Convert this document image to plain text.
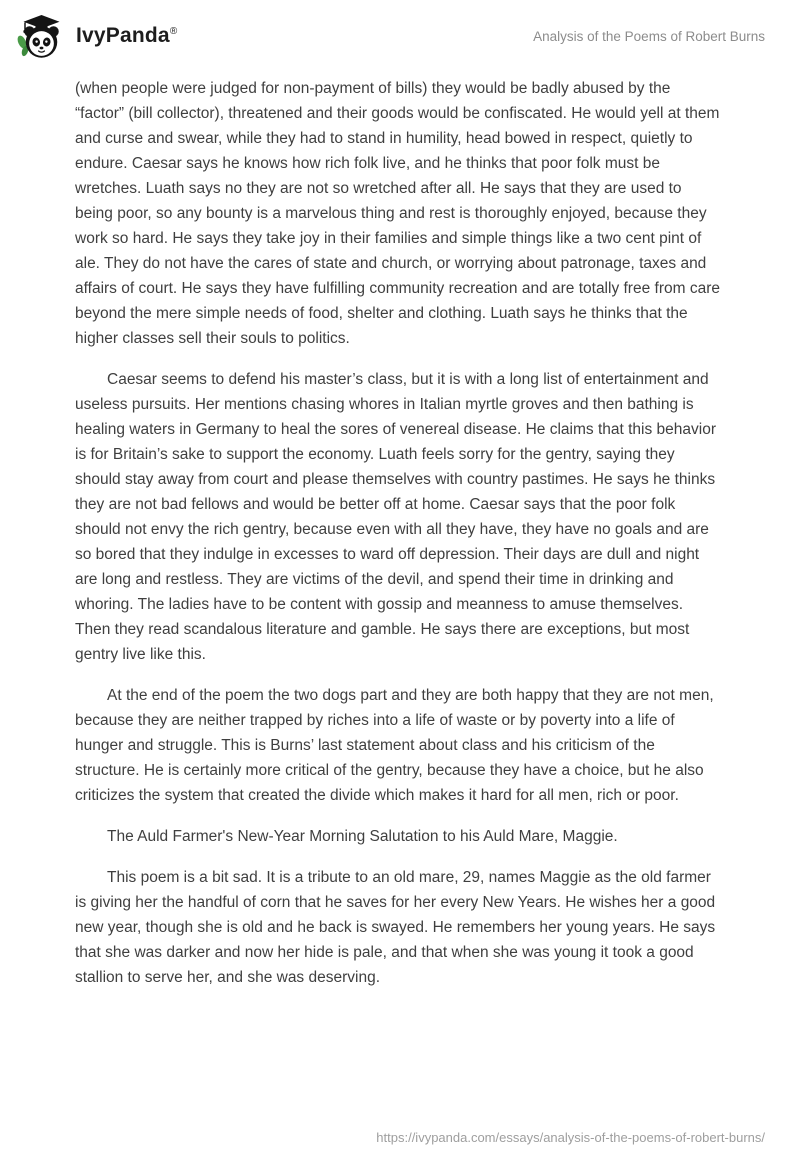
IvyPanda®	Analysis of the Poems of Robert Burns

(when people were judged for non-payment of bills) they would be badly abused by the “factor” (bill collector), threatened and their goods would be confiscated. He would yell at them and curse and swear, while they had to stand in humility, head bowed in respect, quietly to endure. Caesar says he knows how rich folk live, and he thinks that poor folk must be wretches. Luath says no they are not so wretched after all. He says that they are used to being poor, so any bounty is a marvelous thing and rest is thoroughly enjoyed, because they work so hard. He says they take joy in their families and simple things like a two cent pint of ale. They do not have the cares of state and church, or worrying about patronage, taxes and affairs of court. He says they have fulfilling community recreation and are totally free from care beyond the mere simple needs of food, shelter and clothing. Luath says he thinks that the higher classes sell their souls to politics.

Caesar seems to defend his master’s class, but it is with a long list of entertainment and useless pursuits. Her mentions chasing whores in Italian myrtle groves and then bathing is healing waters in Germany to heal the sores of venereal disease. He claims that this behavior is for Britain’s sake to support the economy. Luath feels sorry for the gentry, saying they should stay away from court and please themselves with country pastimes. He says he thinks they are not bad fellows and would be better off at home. Caesar says that the poor folk should not envy the rich gentry, because even with all they have, they have no goals and are so bored that they indulge in excesses to ward off depression. Their days are dull and night are long and restless. They are victims of the devil, and spend their time in drinking and whoring. The ladies have to be content with gossip and meanness to amuse themselves. Then they read scandalous literature and gamble. He says there are exceptions, but most gentry live like this.

At the end of the poem the two dogs part and they are both happy that they are not men, because they are neither trapped by riches into a life of waste or by poverty into a life of hunger and struggle. This is Burns’ last statement about class and his criticism of the structure. He is certainly more critical of the gentry, because they have a choice, but he also criticizes the system that created the divide which makes it hard for all men, rich or poor.

The Auld Farmer's New-Year Morning Salutation to his Auld Mare, Maggie.

This poem is a bit sad. It is a tribute to an old mare, 29, names Maggie as the old farmer is giving her the handful of corn that he saves for her every New Years. He wishes her a good new year, though she is old and he back is swayed. He remembers her young years. He says that she was darker and now her hide is pale, and that when she was young it took a good stallion to serve her, and she was deserving.

https://ivypanda.com/essays/analysis-of-the-poems-of-robert-burns/
